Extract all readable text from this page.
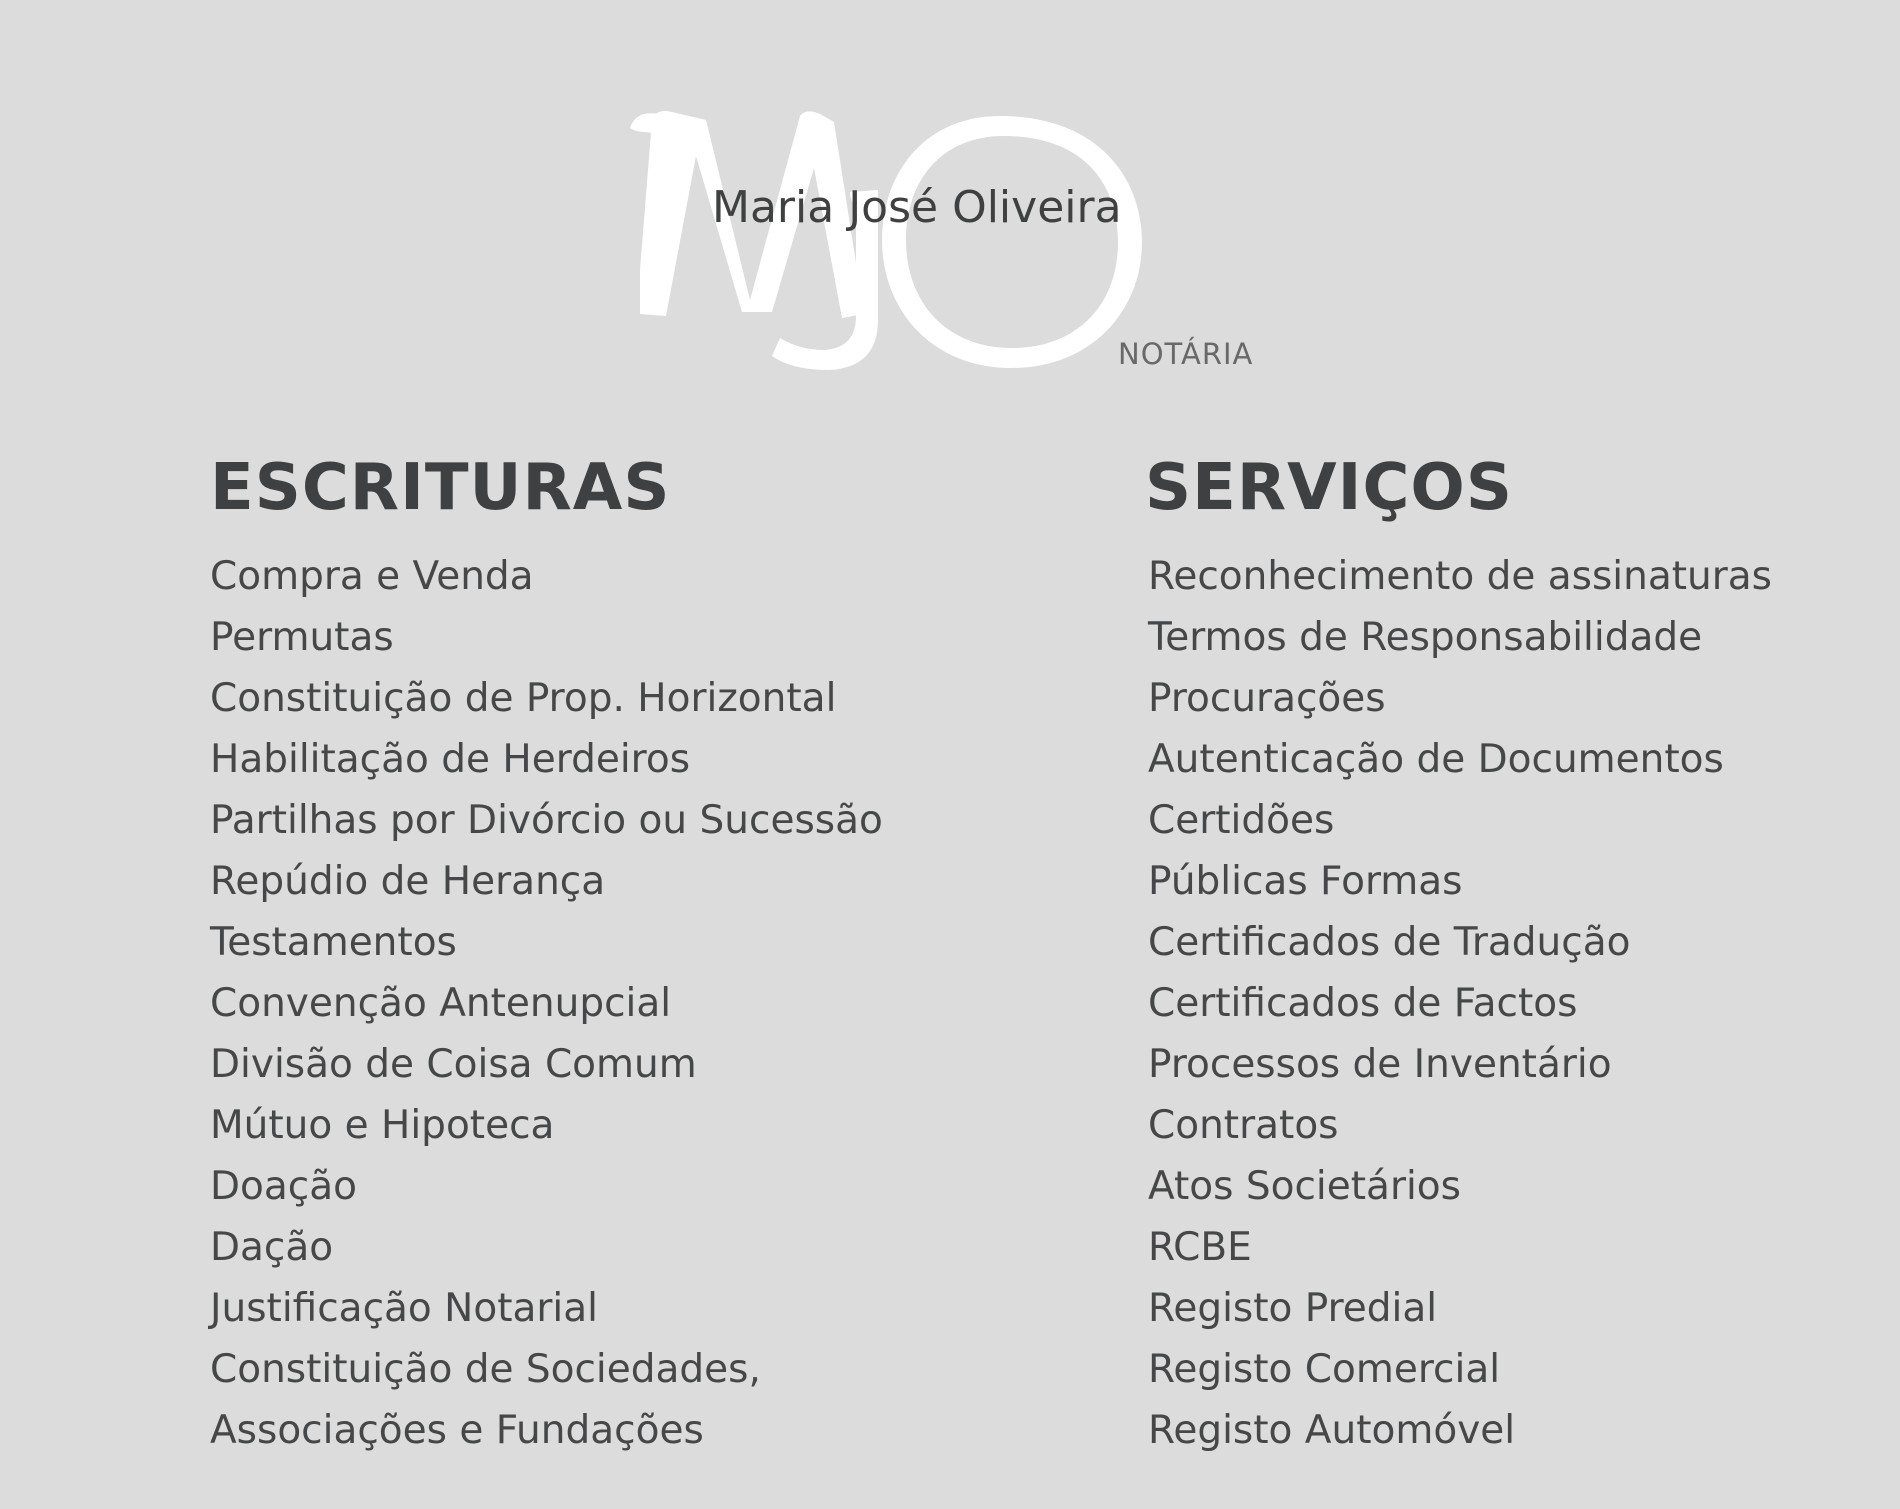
Maria José Oliveira
NOTÁRIA
ESCRITURAS
Compra e Venda
Permutas
Constituição de Prop. Horizontal
Habilitação de Herdeiros
Partilhas por Divórcio ou Sucessão
Repúdio de Herança
Testamentos
Convenção Antenupcial
Divisão de Coisa Comum
Mútuo e Hipoteca
Doação
Dação
Justificação Notarial
Constituição de Sociedades,
Associações e Fundações
SERVIÇOS
Reconhecimento de assinaturas
Termos de Responsabilidade
Procurações
Autenticação de Documentos
Certidões
Públicas Formas
Certificados de Tradução
Certificados de Factos
Processos de Inventário
Contratos
Atos Societários
RCBE
Registo Predial
Registo Comercial
Registo Automóvel
